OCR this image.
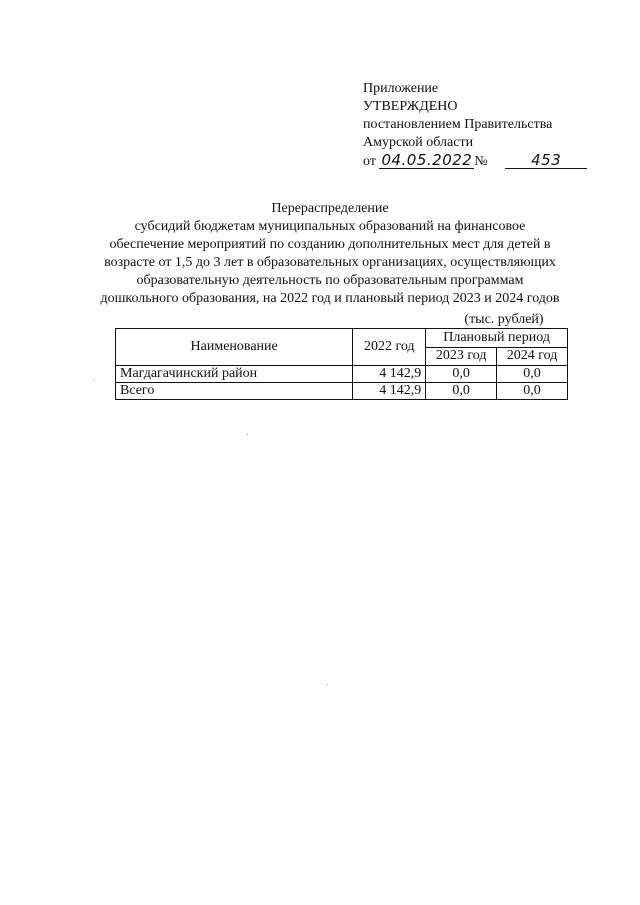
Приложение
УТВЕРЖДЕНО
постановлением Правительства
Амурской области
от 04.05.2022 №	453
Перераспределение
субсидий бюджетам муниципальных образований на финансовое
обеспечение мероприятий по созданию дополнительных мест для детей в
возрасте от 1,5 до 3 лет в образовательных организациях, осуществляющих
образовательную деятельность по образовательным программам
дошкольного образования, на 2022 год и плановый период 2023 и 2024 годов
(тыс. рублей)
Наименование	2022 год	Плановый период	
		2023 год	2024 год
Магдагачинский район	4 142,9	0,0	0,0
Всего	4 142,9	0,0	0,0
